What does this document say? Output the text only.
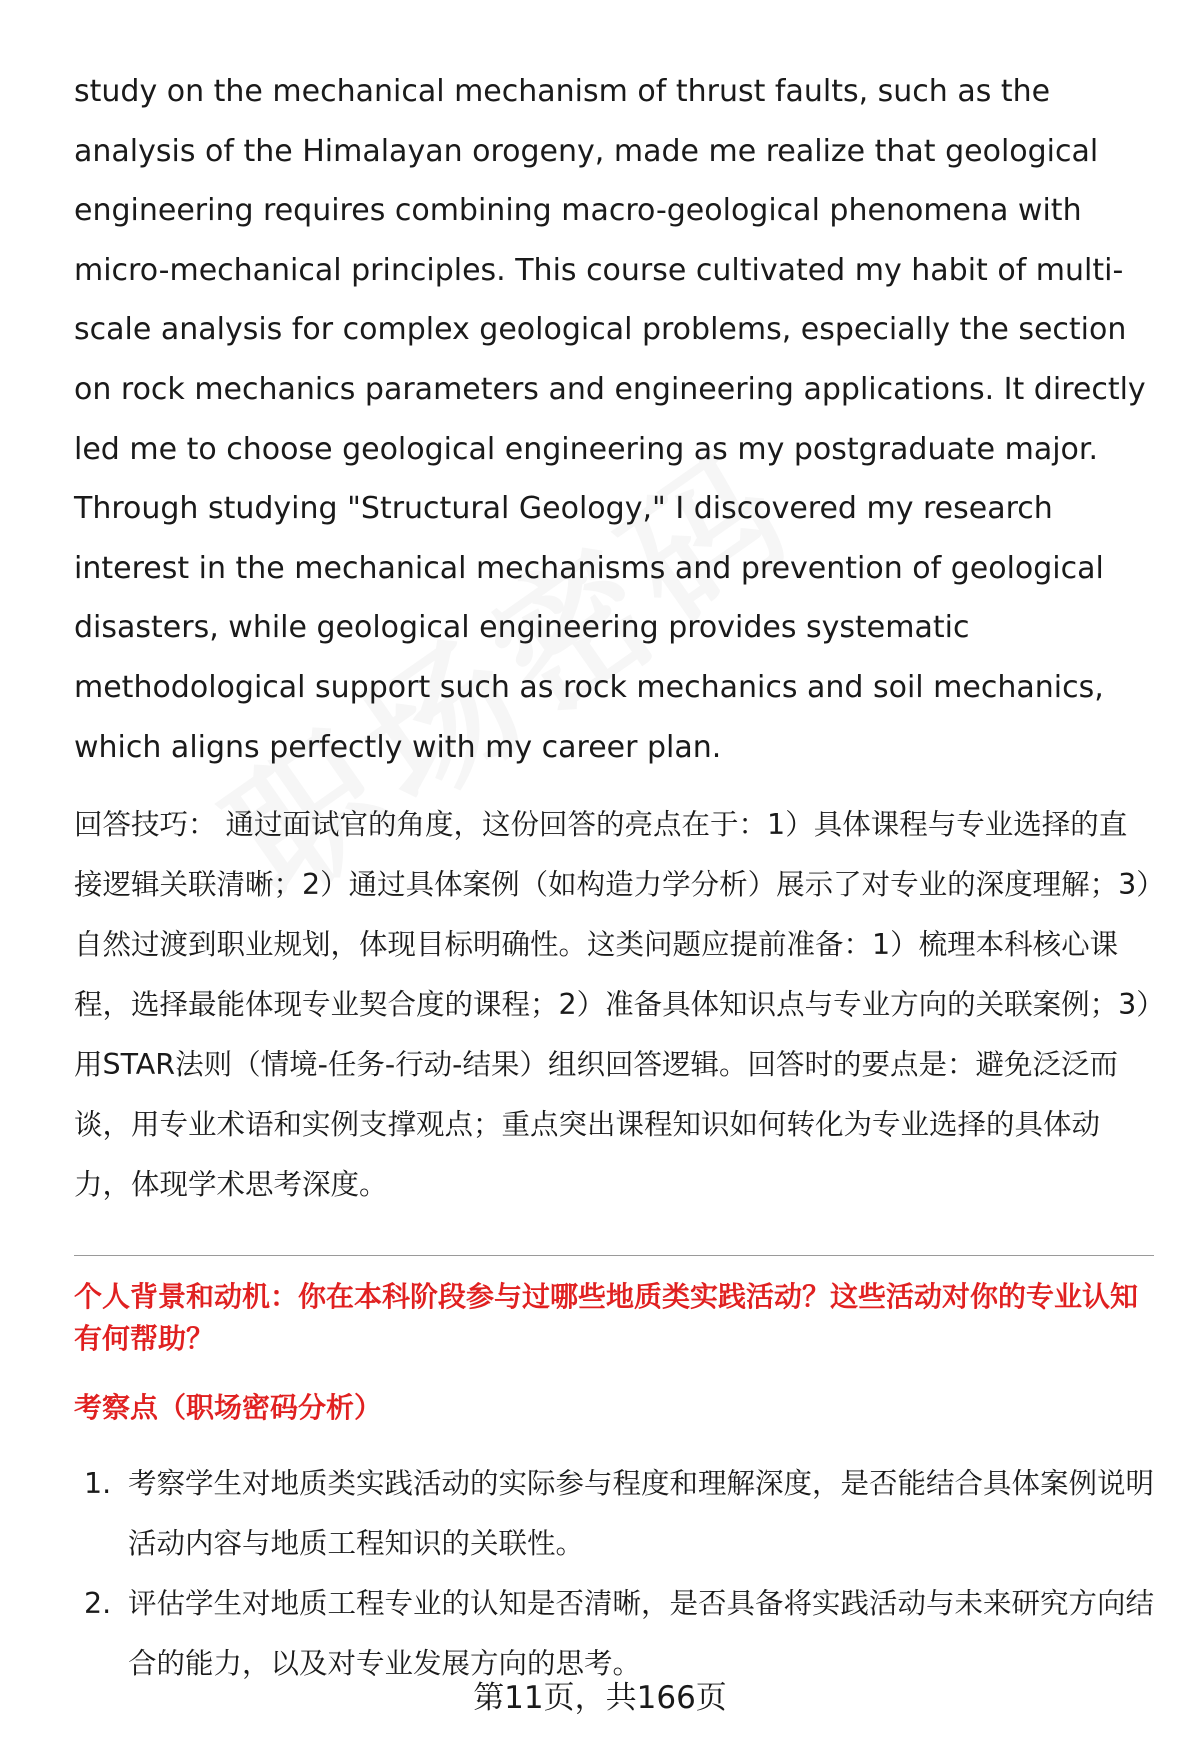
study on the mechanical mechanism of thrust faults, such as the analysis of the Himalayan orogeny, made me realize that geological engineering requires combining macro-geological phenomena with micro-mechanical principles. This course cultivated my habit of multi-scale analysis for complex geological problems, especially the section on rock mechanics parameters and engineering applications. It directly led me to choose geological engineering as my postgraduate major. Through studying "Structural Geology," I discovered my research interest in the mechanical mechanisms and prevention of geological disasters, while geological engineering provides systematic methodological support such as rock mechanics and soil mechanics, which aligns perfectly with my career plan.

回答技巧： 通过面试官的角度，这份回答的亮点在于：1）具体课程与专业选择的直接逻辑关联清晰；2）通过具体案例（如构造力学分析）展示了对专业的深度理解；3）自然过渡到职业规划，体现目标明确性。这类问题应提前准备：1）梳理本科核心课程，选择最能体现专业契合度的课程；2）准备具体知识点与专业方向的关联案例；3）用STAR法则（情境-任务-行动-结果）组织回答逻辑。回答时的要点是：避免泛泛而谈，用专业术语和实例支撑观点；重点突出课程知识如何转化为专业选择的具体动力，体现学术思考深度。

个人背景和动机：你在本科阶段参与过哪些地质类实践活动？这些活动对你的专业认知有何帮助？
考察点（职场密码分析）
1. 考察学生对地质类实践活动的实际参与程度和理解深度，是否能结合具体案例说明活动内容与地质工程知识的关联性。
2. 评估学生对地质工程专业的认知是否清晰，是否具备将实践活动与未来研究方向结合的能力，以及对专业发展方向的思考。
第11页，共166页
